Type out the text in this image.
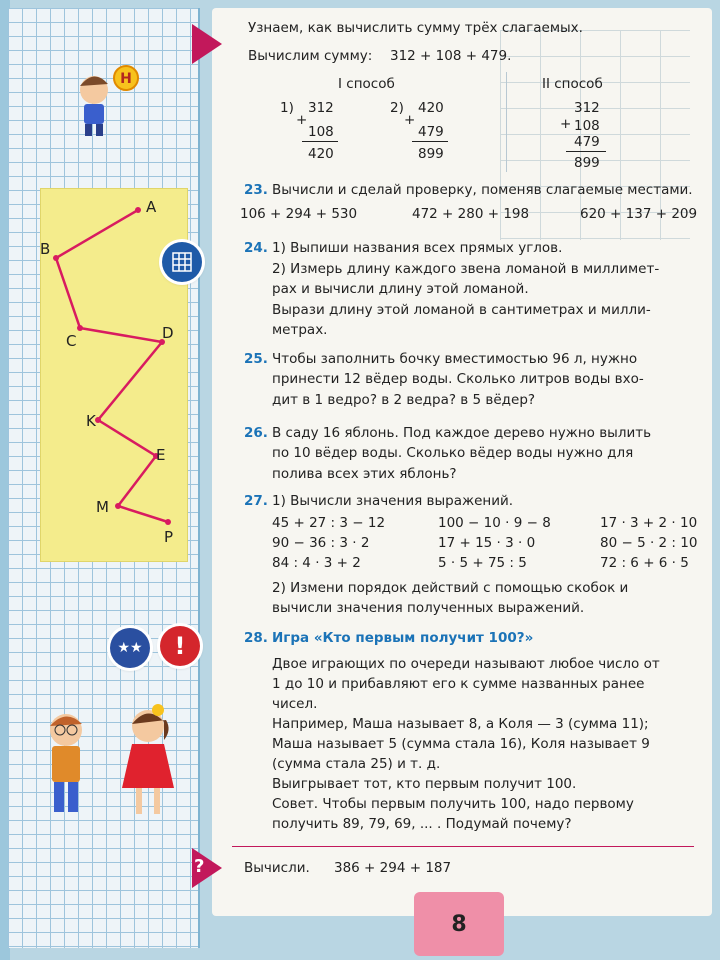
H
A
B
C	D
K
E
M
P
★★	!
?
Узнаем, как вычислить сумму трёх слагаемых.
Вычислим сумму: 312 + 108 + 479.
I способ	II способ
1) 312
+
108
420
2) 420
+
479
899
312
+ 108
479
899
23. Вычисли и сделай проверку, поменяв слагаемые местами.
106 + 294 + 530	472 + 280 + 198	620 + 137 + 209
24. 1) Выпиши названия всех прямых углов.
2) Измерь длину каждого звена ломаной в миллимет-
рах и вычисли длину этой ломаной.
Вырази длину этой ломаной в сантиметрах и милли-
метрах.
25. Чтобы заполнить бочку вместимостью 96 л, нужно
принести 12 вёдер воды. Сколько литров воды вхо-
дит в 1 ведро? в 2 ведра? в 5 вёдер?
26. В саду 16 яблонь. Под каждое дерево нужно вылить
по 10 вёдер воды. Сколько вёдер воды нужно для
полива всех этих яблонь?
27. 1) Вычисли значения выражений.
45 + 27 : 3 − 12	100 − 10 · 9 − 8	17 · 3 + 2 · 10
90 − 36 : 3 · 2	17 + 15 · 3 · 0	80 − 5 · 2 : 10
84 : 4 · 3 + 2	5 · 5 + 75 : 5	72 : 6 + 6 · 5
2) Измени порядок действий с помощью скобок и
вычисли значения полученных выражений.
28. Игра «Кто первым получит 100?»
Двое играющих по очереди называют любое число от
1 до 10 и прибавляют его к сумме названных ранее
чисел.
Например, Маша называет 8, а Коля — 3 (сумма 11);
Маша называет 5 (сумма стала 16), Коля называет 9
(сумма стала 25) и т. д.
Выигрывает тот, кто первым получит 100.
Совет. Чтобы первым получить 100, надо первому
получить 89, 79, 69, ... . Подумай почему?
Вычисли. 386 + 294 + 187
8
